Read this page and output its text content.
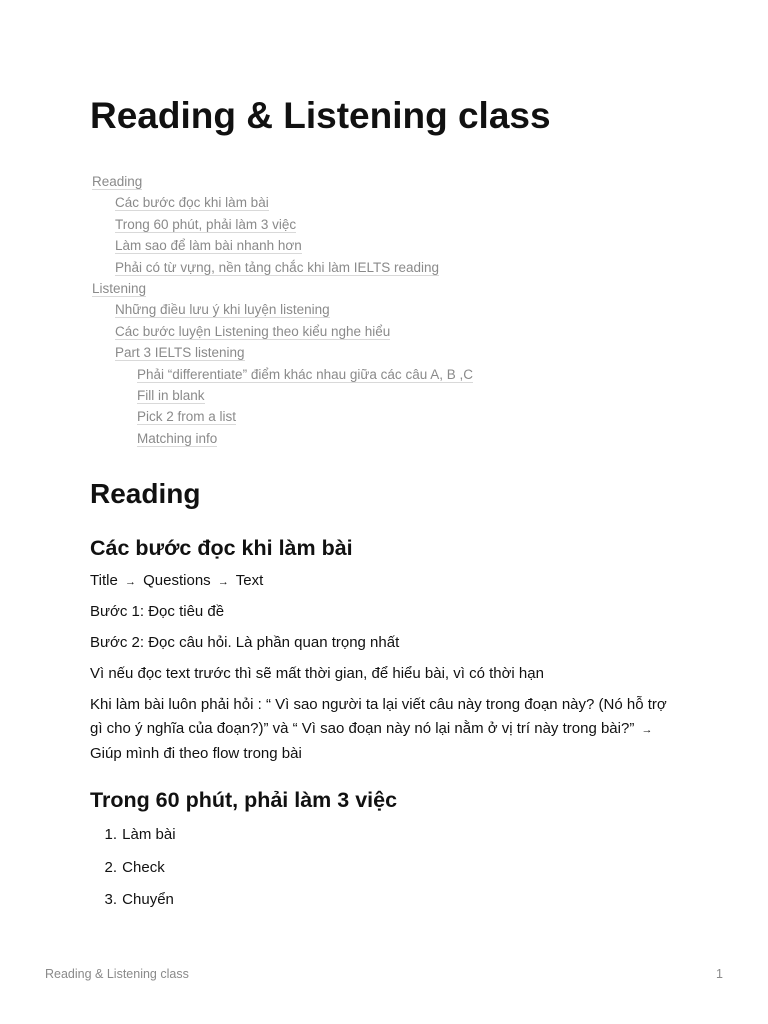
Reading & Listening class
Reading
Các bước đọc khi làm bài
Trong 60 phút, phải làm 3 việc
Làm sao để làm bài nhanh hơn
Phải có từ vựng, nền tảng chắc khi làm IELTS reading
Listening
Những điều lưu ý khi luyện listening
Các bước luyện Listening theo kiểu nghe hiểu
Part 3 IELTS listening
Phải “differentiate” điểm khác nhau giữa các câu A, B ,C
Fill in blank
Pick 2 from a list
Matching info
Reading
Các bước đọc khi làm bài

Title → Questions → Text

Bước 1: Đọc tiêu đề

Bước 2: Đọc câu hỏi. Là phần quan trọng nhất

Vì nếu đọc text trước thì sẽ mất thời gian, để hiểu bài, vì có thời hạn

Khi làm bài luôn phải hỏi : “ Vì sao người ta lại viết câu này trong đoạn này? (Nó hỗ trợ gì cho ý nghĩa của đoạn?)” và “ Vì sao đoạn này nó lại nằm ở vị trí này trong bài?” → Giúp mình đi theo flow trong bài

Trong 60 phút, phải làm 3 việc
1. Làm bài
2. Check
3. Chuyển
Reading & Listening class	1
